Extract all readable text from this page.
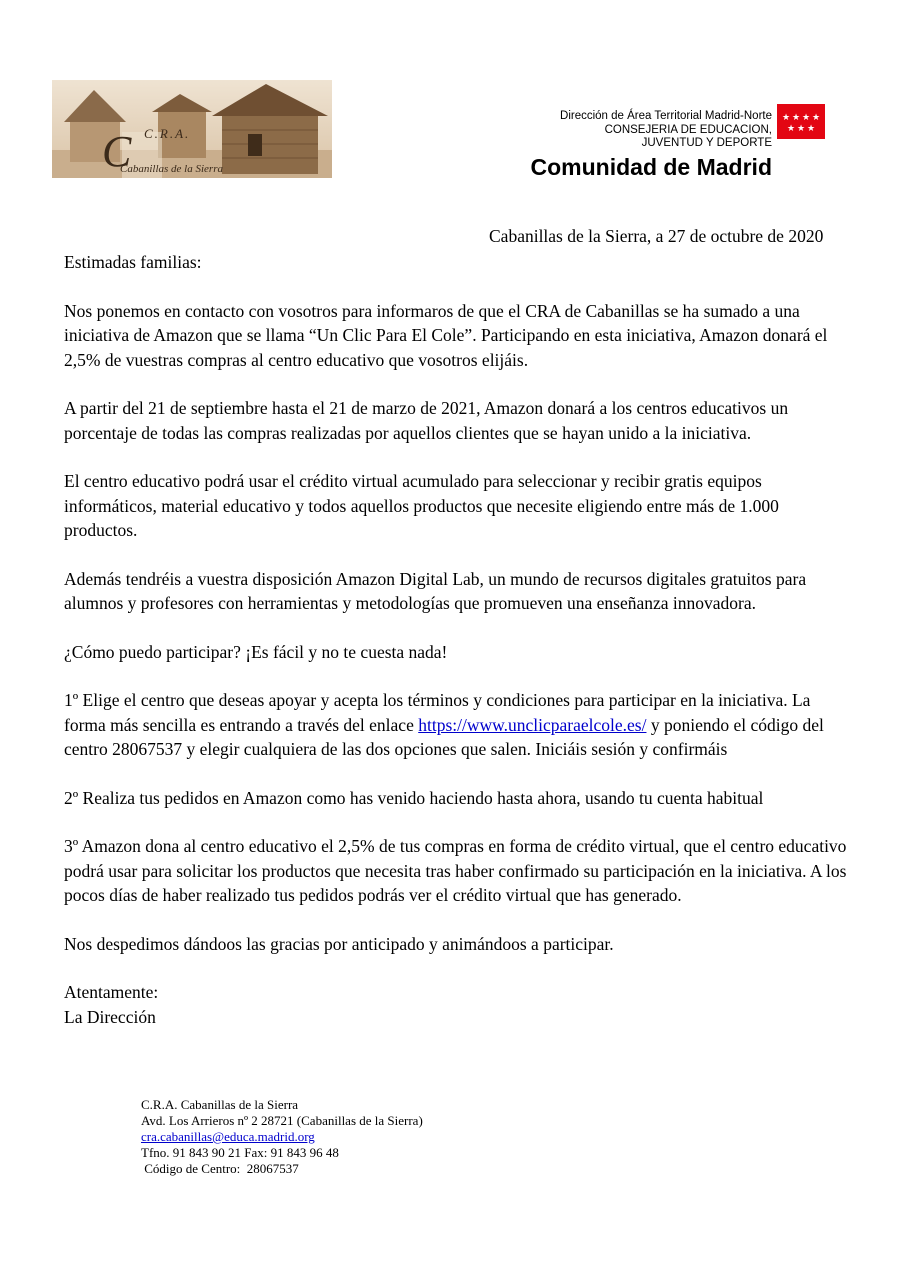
C.R.A.
Cabanillas de la Sierra
C
Dirección de Área Territorial Madrid-Norte
CONSEJERIA DE EDUCACION,
JUVENTUD Y DEPORTE
Comunidad de Madrid
★ ★ ★ ★
★ ★ ★
Cabanillas de la Sierra, a 27 de octubre de 2020

Estimadas familias:

Nos ponemos en contacto con vosotros para informaros de que el CRA de Cabanillas se ha sumado a una iniciativa de Amazon que se llama “Un Clic Para El Cole”. Participando en esta iniciativa, Amazon donará el 2,5% de vuestras compras al centro educativo que vosotros elijáis.

A partir del 21 de septiembre hasta el 21 de marzo de 2021, Amazon donará a los centros educativos un porcentaje de todas las compras realizadas por aquellos clientes que se hayan unido a la iniciativa.

El centro educativo podrá usar el crédito virtual acumulado para seleccionar y recibir gratis equipos informáticos, material educativo y todos aquellos productos que necesite eligiendo entre más de 1.000 productos.

Además tendréis a vuestra disposición Amazon Digital Lab, un mundo de recursos digitales gratuitos para alumnos y profesores con herramientas y metodologías que promueven una enseñanza innovadora.

¿Cómo puedo participar? ¡Es fácil y no te cuesta nada!

1º Elige el centro que deseas apoyar y acepta los términos y condiciones para participar en la iniciativa. La forma más sencilla es entrando a través del enlace https://www.unclicparaelcole.es/ y poniendo el código del centro 28067537 y elegir cualquiera de las dos opciones que salen. Iniciáis sesión y confirmáis

2º Realiza tus pedidos en Amazon como has venido haciendo hasta ahora, usando tu cuenta habitual

3º Amazon dona al centro educativo el 2,5% de tus compras en forma de crédito virtual, que el centro educativo podrá usar para solicitar los productos que necesita tras haber confirmado su participación en la iniciativa. A los pocos días de haber realizado tus pedidos podrás ver el crédito virtual que has generado.

Nos despedimos dándoos las gracias por anticipado y animándoos a participar.

Atentamente:

La Dirección

C.R.A. Cabanillas de la Sierra
Avd. Los Arrieros nº 2 28721 (Cabanillas de la Sierra)
cra.cabanillas@educa.madrid.org
Tfno. 91 843 90 21 Fax: 91 843 96 48
Código de Centro:  28067537
